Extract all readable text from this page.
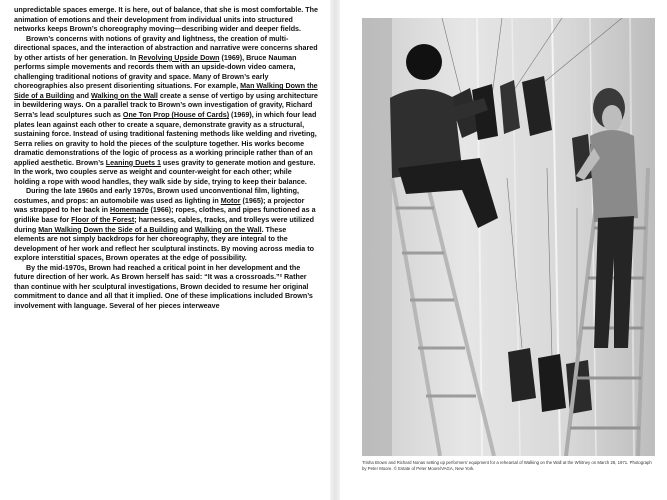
unpredictable spaces emerge. It is here, out of balance, that she is most comfortable. The animation of emotions and their development from individual units into structured networks keeps Brown’s choreography moving—describing wider and deeper fields.

Brown’s concerns with notions of gravity and lightness, the creation of multi-directional spaces, and the interaction of abstraction and narrative were concerns shared by other artists of her generation. In Revolving Upside Down (1969), Bruce Nauman performs simple movements and records them with an upside-down video camera, challenging traditional notions of gravity and space. Many of Brown’s early choreographies also present disorienting situations. For example, Man Walking Down the Side of a Building and Walking on the Wall create a sense of vertigo by using architecture in bewildering ways. On a parallel track to Brown’s own investigation of gravity, Richard Serra’s lead sculptures such as One Ton Prop (House of Cards) (1969), in which four lead plates lean against each other to create a square, demonstrate gravity as a structural, sustaining force. Instead of using traditional fastening methods like welding and riveting, Serra relies on gravity to hold the pieces of the sculpture together. His works become dramatic demonstrations of the logic of process as a working principle rather than of an applied aesthetic. Brown’s Leaning Duets 1 uses gravity to generate motion and gesture. In the work, two couples serve as weight and counter-weight for each other; while holding a rope with wood handles, they walk side by side, trying to keep their balance.

During the late 1960s and early 1970s, Brown used unconventional film, lighting, costumes, and props: an automobile was used as lighting in Motor (1965); a projector was strapped to her back in Homemade (1966); ropes, clothes, and pipes functioned as a gridlike base for Floor of the Forest; harnesses, cables, tracks, and trolleys were utilized during Man Walking Down the Side of a Building and Walking on the Wall. These elements are not simply backdrops for her choreography, they are integral to the development of her work and reflect her sculptural instincts. By moving across media to explore interstitial spaces, Brown operates at the edge of possibility.

By the mid-1970s, Brown had reached a critical point in her development and the future direction of her work. As Brown herself has said: “It was a crossroads.”² Rather than continue with her sculptural investigations, Brown decided to resume her original commitment to dance and all that it implied. One of these implications included Brown’s involvement with language. Several of her pieces interweave

Trisha Brown and Richard Nonas setting up performers’ equipment for a rehearsal of Walking on the Wall at the Whitney on March 28, 1971. Photograph by Peter Moore. © Estate of Peter Moore/VAGA, New York.
